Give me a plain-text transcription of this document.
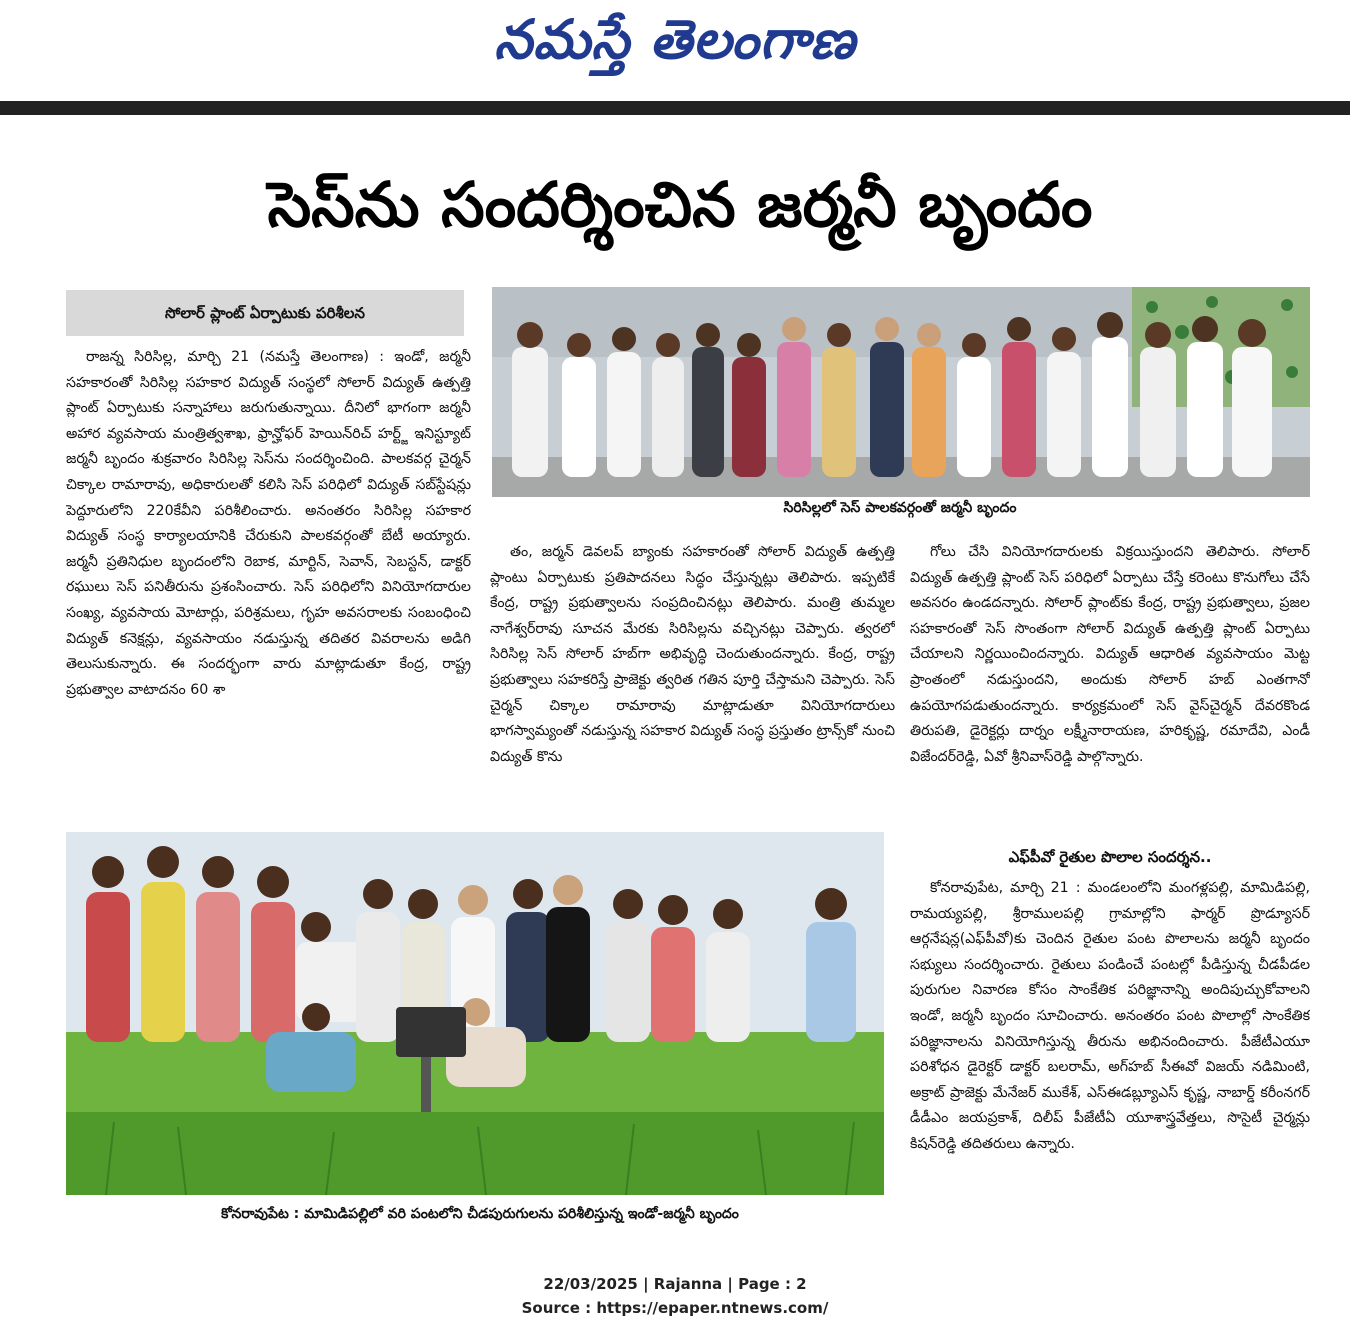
నమస్తే తెలంగాణ
సెస్‌ను సందర్శించిన జర్మనీ బృందం
సోలార్‌ ప్లాంట్‌ ఏర్పాటుకు పరిశీలన

రాజన్న సిరిసిల్ల, మార్చి 21 (నమస్తే తెలంగాణ) : ఇండో, జర్మనీ సహకారంతో సిరిసిల్ల సహకార విద్యుత్‌ సంస్థలో సోలార్‌ విద్యుత్‌ ఉత్పత్తి ప్లాంట్‌ ఏర్పాటుకు సన్నాహాలు జరుగుతున్నాయి. దీనిలో భాగంగా జర్మనీ అహార వ్యవసాయ మంత్రిత్వశాఖ, ఫ్రాన్హోఫర్‌ హెయిన్‌రిచ్‌ హర్ట్జ్‌ ఇనిస్ట్యూట్‌ జర్మనీ బృందం శుక్రవారం సిరిసిల్ల సెస్‌ను సందర్శించింది. పాలకవర్గ చైర్మన్‌ చిక్కాల రామారావు, అధికారులతో కలిసి సెస్‌ పరిధిలో విద్యుత్‌ సబ్‌స్టేషన్లు పెద్దూరులోని 220కేవీని పరిశీలించారు. అనంతరం సిరిసిల్ల సహకార విద్యుత్‌ సంస్థ కార్యాలయానికి చేరుకుని పాలకవర్గంతో బేటీ అయ్యారు. జర్మనీ ప్రతినిధుల బృందంలోని రెబాక, మార్టిన్‌, సెవాన్‌, సెబస్టన్‌, డాక్టర్‌ రఘులు సెస్‌ పనితీరును ప్రశంసించారు. సెస్‌ పరిధిలోని వినియోగదారుల సంఖ్య, వ్యవసాయ మోటార్లు, పరిశ్రమలు, గృహ అవసరాలకు సంబంధించి విద్యుత్‌ కనెక్షన్లు, వ్యవసాయం నడుస్తున్న తదితర వివరాలను అడిగి తెలుసుకున్నారు. ఈ సందర్భంగా వారు మాట్లాడుతూ కేంద్ర, రాష్ట్ర ప్రభుత్వాల వాటాదనం 60 శా

సిరిసిల్లలో సెస్‌ పాలకవర్గంతో జర్మనీ బృందం

తం, జర్మన్‌ డెవలప్‌ బ్యాంకు సహకారంతో సోలార్‌ విద్యుత్‌ ఉత్పత్తి ప్లాంటు ఏర్పాటుకు ప్రతిపాదనలు సిద్ధం చేస్తున్నట్లు తెలిపారు. ఇప్పటికే కేంద్ర, రాష్ట్ర ప్రభుత్వాలను సంప్రదించినట్లు తెలిపారు. మంత్రి తుమ్మల నాగేశ్వర్‌రావు సూచన మేరకు సిరిసిల్లను వచ్చినట్లు చెప్పారు. త్వరలో సిరిసిల్ల సెస్‌ సోలార్‌ హబ్‌గా అభివృద్ధి చెందుతుందన్నారు. కేంద్ర, రాష్ట్ర ప్రభుత్వాలు సహకరిస్తే ప్రాజెక్టు త్వరిత గతిన పూర్తి చేస్తామని చెప్పారు. సెస్‌ చైర్మన్‌ చిక్కాల రామారావు మాట్లాడుతూ వినియోగదారులు భాగస్వామ్యంతో నడుస్తున్న సహకార విద్యుత్‌ సంస్థ ప్రస్తుతం ట్రాన్స్‌కో నుంచి విద్యుత్‌ కొను

గోలు చేసి వినియోగదారులకు విక్రయిస్తుందని తెలిపారు. సోలార్‌ విద్యుత్‌ ఉత్పత్తి ప్లాంట్‌ సెస్‌ పరిధిలో ఏర్పాటు చేస్తే కరెంటు కొనుగోలు చేసే అవసరం ఉండదన్నారు. సోలార్‌ ప్లాంట్‌కు కేంద్ర, రాష్ట్ర ప్రభుత్వాలు, ప్రజల సహకారంతో సెస్‌ సొంతంగా సోలార్‌ విద్యుత్‌ ఉత్పత్తి ప్లాంట్‌ ఏర్పాటు చేయాలని నిర్ణయించిందన్నారు. విద్యుత్‌ ఆధారిత వ్యవసాయం మెట్ట ప్రాంతంలో నడుస్తుందని, అందుకు సోలార్‌ హబ్‌ ఎంతగానో ఉపయోగపడుతుందన్నారు. కార్యక్రమంలో సెస్‌ వైస్‌చైర్మన్‌ దేవరకొండ తిరుపతి, డైరెక్టర్లు దార్నం లక్ష్మీనారాయణ, హరికృష్ణ, రమాదేవి, ఎండీ విజేందర్‌రెడ్డి, ఏవో శ్రీనివాస్‌రెడ్డి పాల్గొన్నారు.

ఎఫ్‌పీవో రైతుల పొలాల సందర్శన..

కోనరావుపేట, మార్చి 21 : మండలంలోని మంగళ్లపల్లి, మామిడిపల్లి, రామయ్యపల్లి, శ్రీరాములపల్లి గ్రామాల్లోని ఫార్మర్‌ ప్రొడ్యూసర్‌ ఆర్గనేషన్ల(ఎఫ్‌పీవో)కు చెందిన రైతుల పంట పొలాలను జర్మనీ బృందం సభ్యులు సందర్శించారు. రైతులు పండించే పంటల్లో పీడిస్తున్న చీడపీడల పురుగుల నివారణ కోసం సాంకేతిక పరిజ్ఞానాన్ని అందిపుచ్చుకోవాలని ఇండో, జర్మనీ బృందం సూచించారు. అనంతరం పంట పొలాల్లో సాంకేతిక పరిజ్ఞానాలను వినియోగిస్తున్న తీరును అభినందించారు. పీజేటీఎయూ పరిశోధన డైరెక్టర్‌ డాక్టర్‌ బలరామ్‌, అగ్‌హబ్‌ సీఈవో విజయ్‌ నడిమింటి, అక్రాట్‌ ప్రాజెక్టు మేనేజర్‌ ముకేశ్‌, ఎస్‌ఈడబ్ల్యూఎస్‌ కృష్ణ, నాబార్డ్‌ కరీంనగర్‌ డీడీఎం జయప్రకాశ్‌, దిలీప్‌ పీజేటీఏ యూశాస్త్రవేత్తలు, సొసైటీ చైర్మన్లు కిషన్‌రెడ్డి తదితరులు ఉన్నారు.

కోనరావుపేట : మామిడిపల్లిలో వరి పంటలోని చీడపురుగులను పరిశీలిస్తున్న ఇండో-జర్మనీ బృందం
22/03/2025 | Rajanna | Page : 2
Source : https://epaper.ntnews.com/
